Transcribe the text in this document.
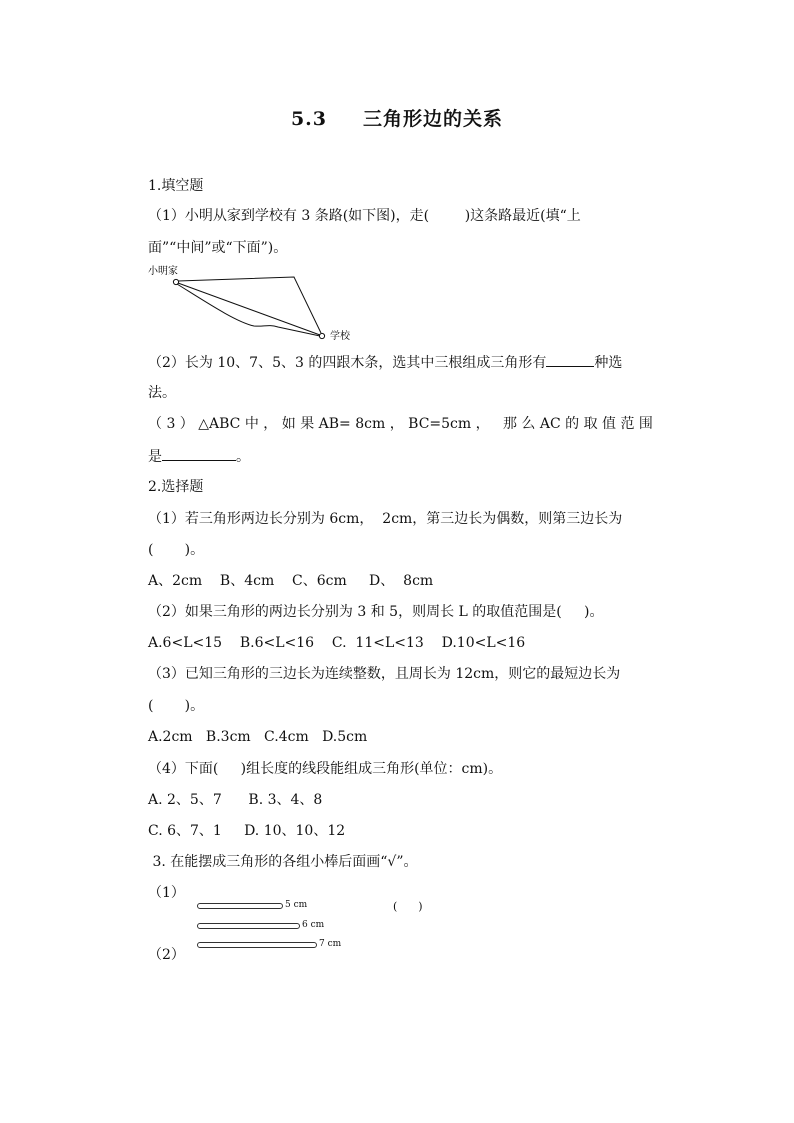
5.3 三角形边的关系
1.填空题
（1）小明从家到学校有 3 条路(如下图)，走(        )这条路最近(填“上
面”“中间”或“下面”)。
小明家
学校
（2）长为 10、7、5、3 的四跟木条，选其中三根组成三角形有	种选
法。
（ 3 ） △ABC 中 ， 如 果 AB= 8cm ， BC=5cm ，   那 么 AC 的 取 值 范 围
是	。
2.选择题
（1）若三角形两边长分别为 6cm，  2cm，第三边长为偶数，则第三边长为
(       )。
A、2cm    B、4cm    C、6cm     D、  8cm
（2）如果三角形的两边长分别为 3 和 5，则周长 L 的取值范围是(     )。
A.6<L<15    B.6<L<16    C.  11<L<13    D.10<L<16
（3）已知三角形的三边长为连续整数，且周长为 12cm，则它的最短边长为
(       )。
A.2cm   B.3cm   C.4cm   D.5cm
（4）下面(     )组长度的线段能组成三角形(单位：cm)。
A. 2、5、7      B. 3、4、8
C. 6、7、1     D. 10、10、12
3. 在能摆成三角形的各组小棒后面画“√”。
（1）
（2）
5 cm
6 cm
7 cm
(      )
